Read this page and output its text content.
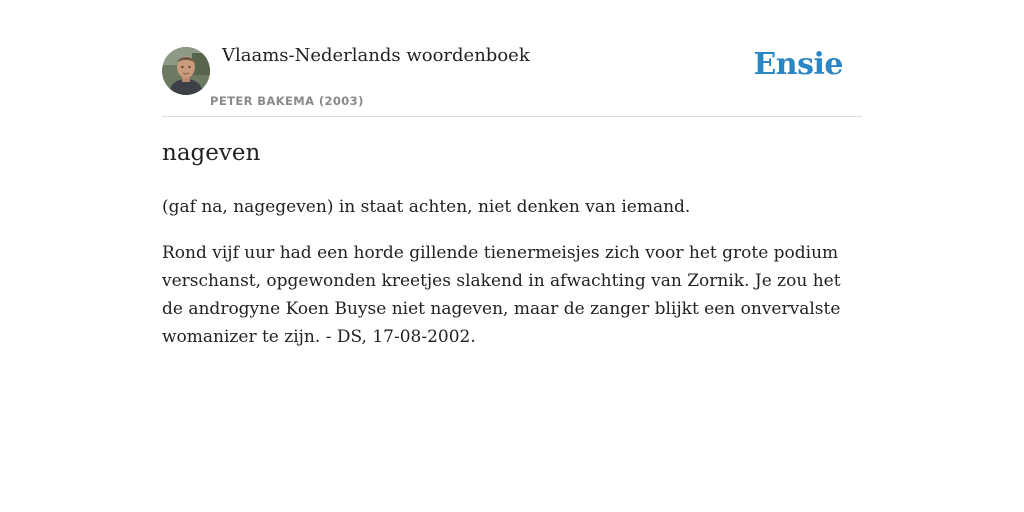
Vlaams-Nederlands woordenboek
PETER BAKEMA (2003)
Ensie
nageven

(gaf na, nagegeven) in staat achten, niet denken van iemand.

Rond vijf uur had een horde gillende tienermeisjes zich voor het grote podium verschanst, opgewonden kreetjes slakend in afwachting van Zornik. Je zou het de androgyne Koen Buyse niet nageven, maar de zanger blijkt een onvervalste womanizer te zijn. - DS, 17-08-2002.
